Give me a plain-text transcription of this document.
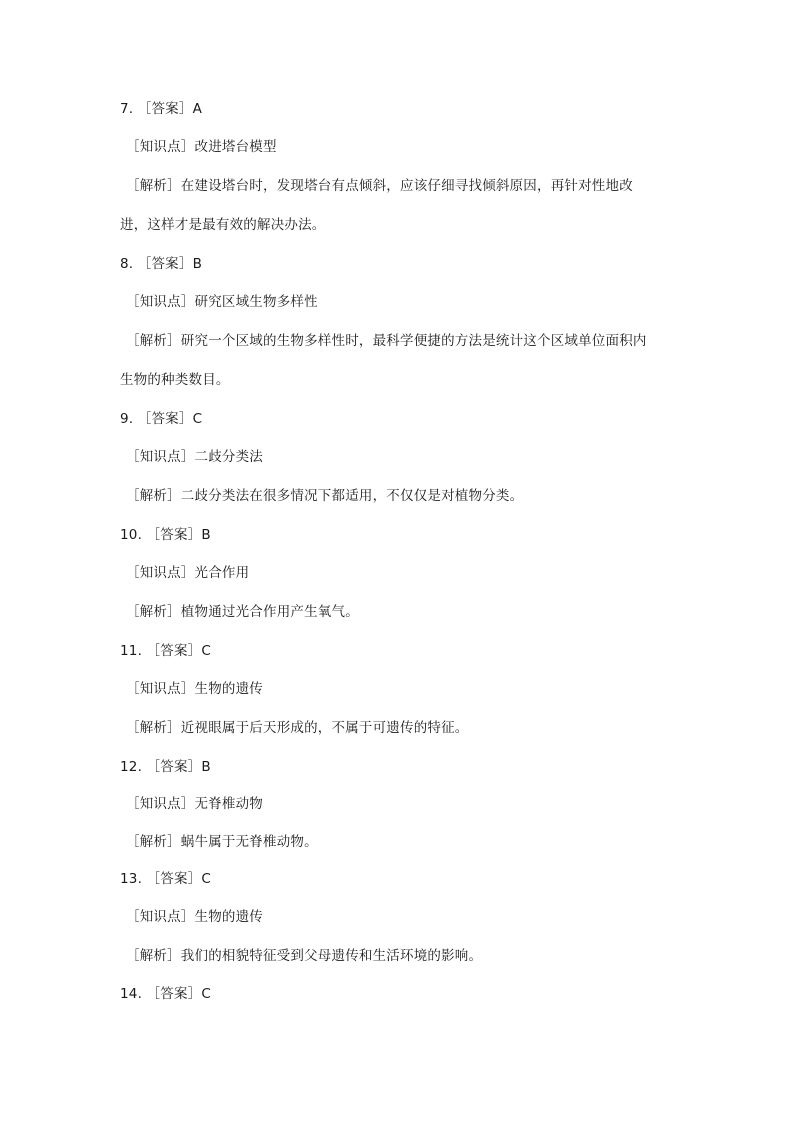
7. ［答案］A
［知识点］改进塔台模型
［解析］在建设塔台时，发现塔台有点倾斜，应该仔细寻找倾斜原因，再针对性地改
进，这样才是最有效的解决办法。
8. ［答案］B
［知识点］研究区域生物多样性
［解析］研究一个区域的生物多样性时，最科学便捷的方法是统计这个区域单位面积内
生物的种类数目。
9. ［答案］C
［知识点］二歧分类法
［解析］二歧分类法在很多情况下都适用，不仅仅是对植物分类。
10. ［答案］B
［知识点］光合作用
［解析］植物通过光合作用产生氧气。
11. ［答案］C
［知识点］生物的遗传
［解析］近视眼属于后天形成的，不属于可遗传的特征。
12. ［答案］B
［知识点］无脊椎动物
［解析］蜗牛属于无脊椎动物。
13. ［答案］C
［知识点］生物的遗传
［解析］我们的相貌特征受到父母遗传和生活环境的影响。
14. ［答案］C
